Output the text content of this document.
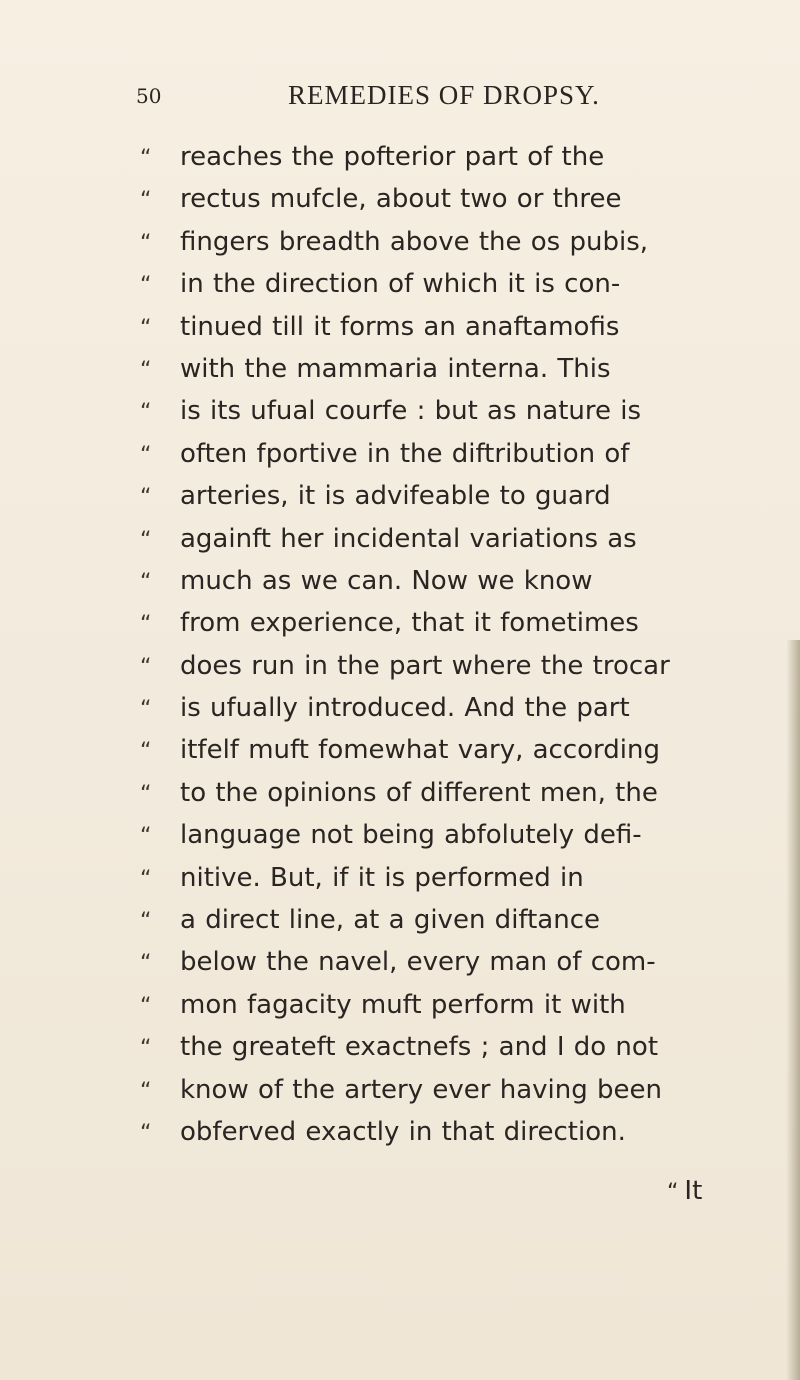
50	REMEDIES OF DROPSY.
“ reaches the pofterior part of the
“ rectus mufcle, about two or three
“ fingers breadth above the os pubis,
“ in the direction of which it is con-
“ tinued till it forms an anaftamofis
“ with the mammaria interna. This
“ is its ufual courfe : but as nature is
“ often fportive in the diftribution of
“ arteries, it is advifeable to guard
“ againft her incidental variations as
“ much as we can. Now we know
“ from experience, that it fometimes
“ does run in the part where the trocar
“ is ufually introduced. And the part
“ itfelf muft fomewhat vary, according
“ to the opinions of different men, the
“ language not being abfolutely defi-
“ nitive. But, if it is performed in
“ a direct line, at a given diftance
“ below the navel, every man of com-
“ mon fagacity muft perform it with
“ the greateft exactnefs ; and I do not
“ know of the artery ever having been
“ obferved exactly in that direction.
“ It
